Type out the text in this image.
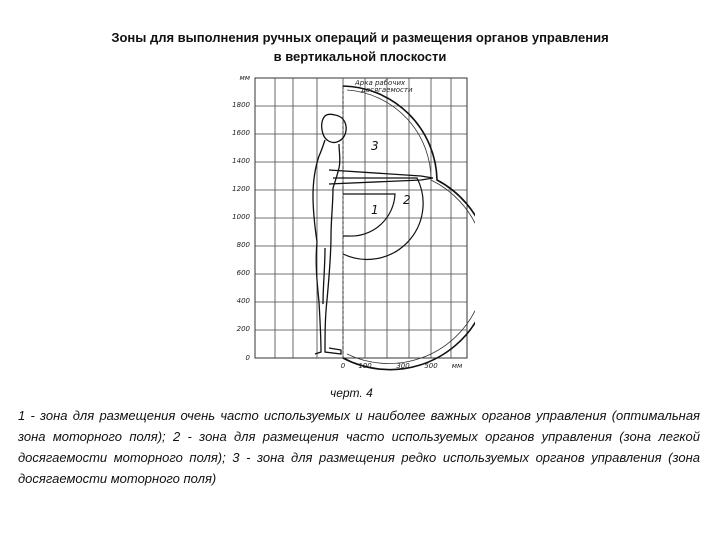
Зоны для выполнения ручных операций и размещения органов управления
в вертикальной плоскости
мм
1800
1600
1400
1200
1000
800
600
400
200
0
0 100	300 500 мм
3
1
2
Арка рабочих
досягаемости
черт. 4
1 - зона для размещения очень часто используемых и наиболее важных органов управления (оптимальная зона моторного поля); 2 - зона для размещения часто используемых органов управления (зона легкой досягаемости моторного поля); 3 - зона для размещения редко используемых органов управления (зона досягаемости моторного поля)
